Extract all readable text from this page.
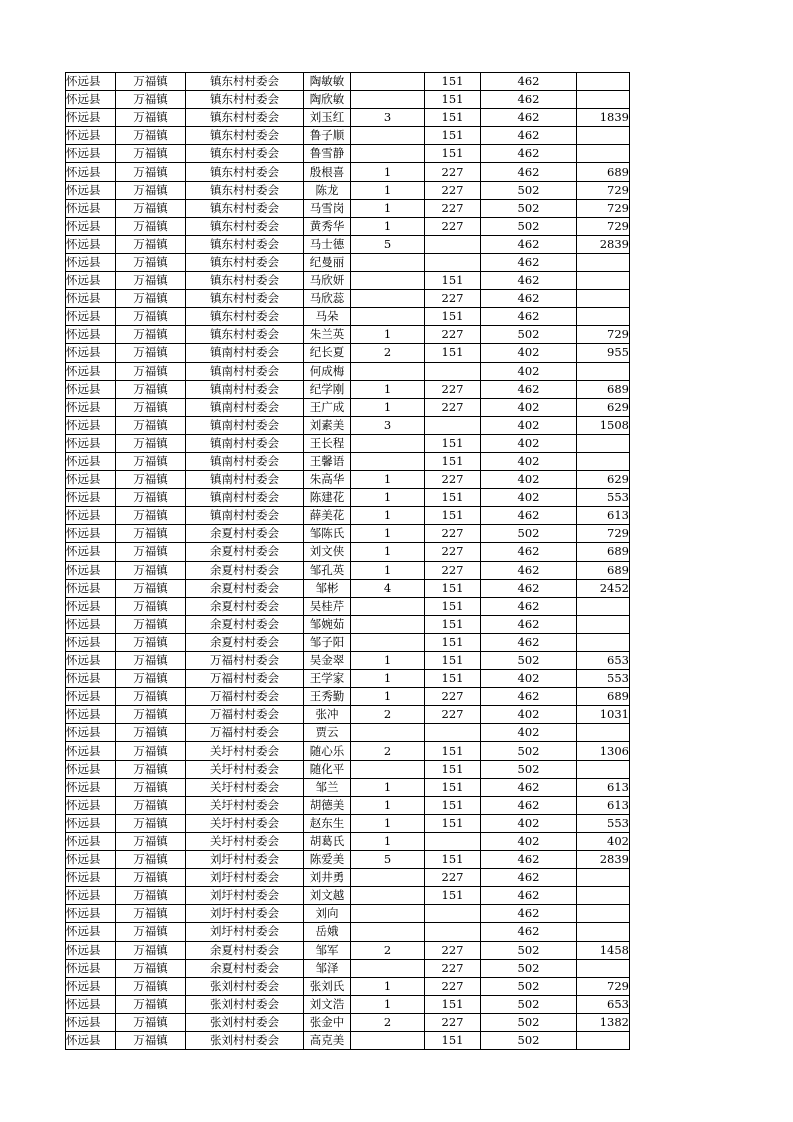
怀远县	万福镇	镇东村村委会	陶敏敏		151	462	
怀远县	万福镇	镇东村村委会	陶欣敏		151	462	
怀远县	万福镇	镇东村村委会	刘玉红	3	151	462	1839
怀远县	万福镇	镇东村村委会	鲁子顺		151	462	
怀远县	万福镇	镇东村村委会	鲁雪静		151	462	
怀远县	万福镇	镇东村村委会	殷根喜	1	227	462	689
怀远县	万福镇	镇东村村委会	陈龙	1	227	502	729
怀远县	万福镇	镇东村村委会	马雪岗	1	227	502	729
怀远县	万福镇	镇东村村委会	黄秀华	1	227	502	729
怀远县	万福镇	镇东村村委会	马士德	5		462	2839
怀远县	万福镇	镇东村村委会	纪曼丽			462	
怀远县	万福镇	镇东村村委会	马欣妍		151	462	
怀远县	万福镇	镇东村村委会	马欣蕊		227	462	
怀远县	万福镇	镇东村村委会	马朵		151	462	
怀远县	万福镇	镇东村村委会	朱兰英	1	227	502	729
怀远县	万福镇	镇南村村委会	纪长夏	2	151	402	955
怀远县	万福镇	镇南村村委会	何成梅			402	
怀远县	万福镇	镇南村村委会	纪学刚	1	227	462	689
怀远县	万福镇	镇南村村委会	王广成	1	227	402	629
怀远县	万福镇	镇南村村委会	刘素美	3		402	1508
怀远县	万福镇	镇南村村委会	王长程		151	402	
怀远县	万福镇	镇南村村委会	王馨语		151	402	
怀远县	万福镇	镇南村村委会	朱高华	1	227	402	629
怀远县	万福镇	镇南村村委会	陈建花	1	151	402	553
怀远县	万福镇	镇南村村委会	薛美花	1	151	462	613
怀远县	万福镇	余夏村村委会	邹陈氏	1	227	502	729
怀远县	万福镇	余夏村村委会	刘文侠	1	227	462	689
怀远县	万福镇	余夏村村委会	邹孔英	1	227	462	689
怀远县	万福镇	余夏村村委会	邹彬	4	151	462	2452
怀远县	万福镇	余夏村村委会	吴桂芹		151	462	
怀远县	万福镇	余夏村村委会	邹婉茹		151	462	
怀远县	万福镇	余夏村村委会	邹子阳		151	462	
怀远县	万福镇	万福村村委会	吴金翠	1	151	502	653
怀远县	万福镇	万福村村委会	王学家	1	151	402	553
怀远县	万福镇	万福村村委会	王秀勤	1	227	462	689
怀远县	万福镇	万福村村委会	张冲	2	227	402	1031
怀远县	万福镇	万福村村委会	贾云			402	
怀远县	万福镇	关圩村村委会	随心乐	2	151	502	1306
怀远县	万福镇	关圩村村委会	随化平		151	502	
怀远县	万福镇	关圩村村委会	邹兰	1	151	462	613
怀远县	万福镇	关圩村村委会	胡德美	1	151	462	613
怀远县	万福镇	关圩村村委会	赵东生	1	151	402	553
怀远县	万福镇	关圩村村委会	胡葛氏	1		402	402
怀远县	万福镇	刘圩村村委会	陈爱美	5	151	462	2839
怀远县	万福镇	刘圩村村委会	刘井勇		227	462	
怀远县	万福镇	刘圩村村委会	刘文越		151	462	
怀远县	万福镇	刘圩村村委会	刘向			462	
怀远县	万福镇	刘圩村村委会	岳娥			462	
怀远县	万福镇	余夏村村委会	邹军	2	227	502	1458
怀远县	万福镇	余夏村村委会	邹泽		227	502	
怀远县	万福镇	张刘村村委会	张刘氏	1	227	502	729
怀远县	万福镇	张刘村村委会	刘文浩	1	151	502	653
怀远县	万福镇	张刘村村委会	张金中	2	227	502	1382
怀远县	万福镇	张刘村村委会	高克美		151	502	
